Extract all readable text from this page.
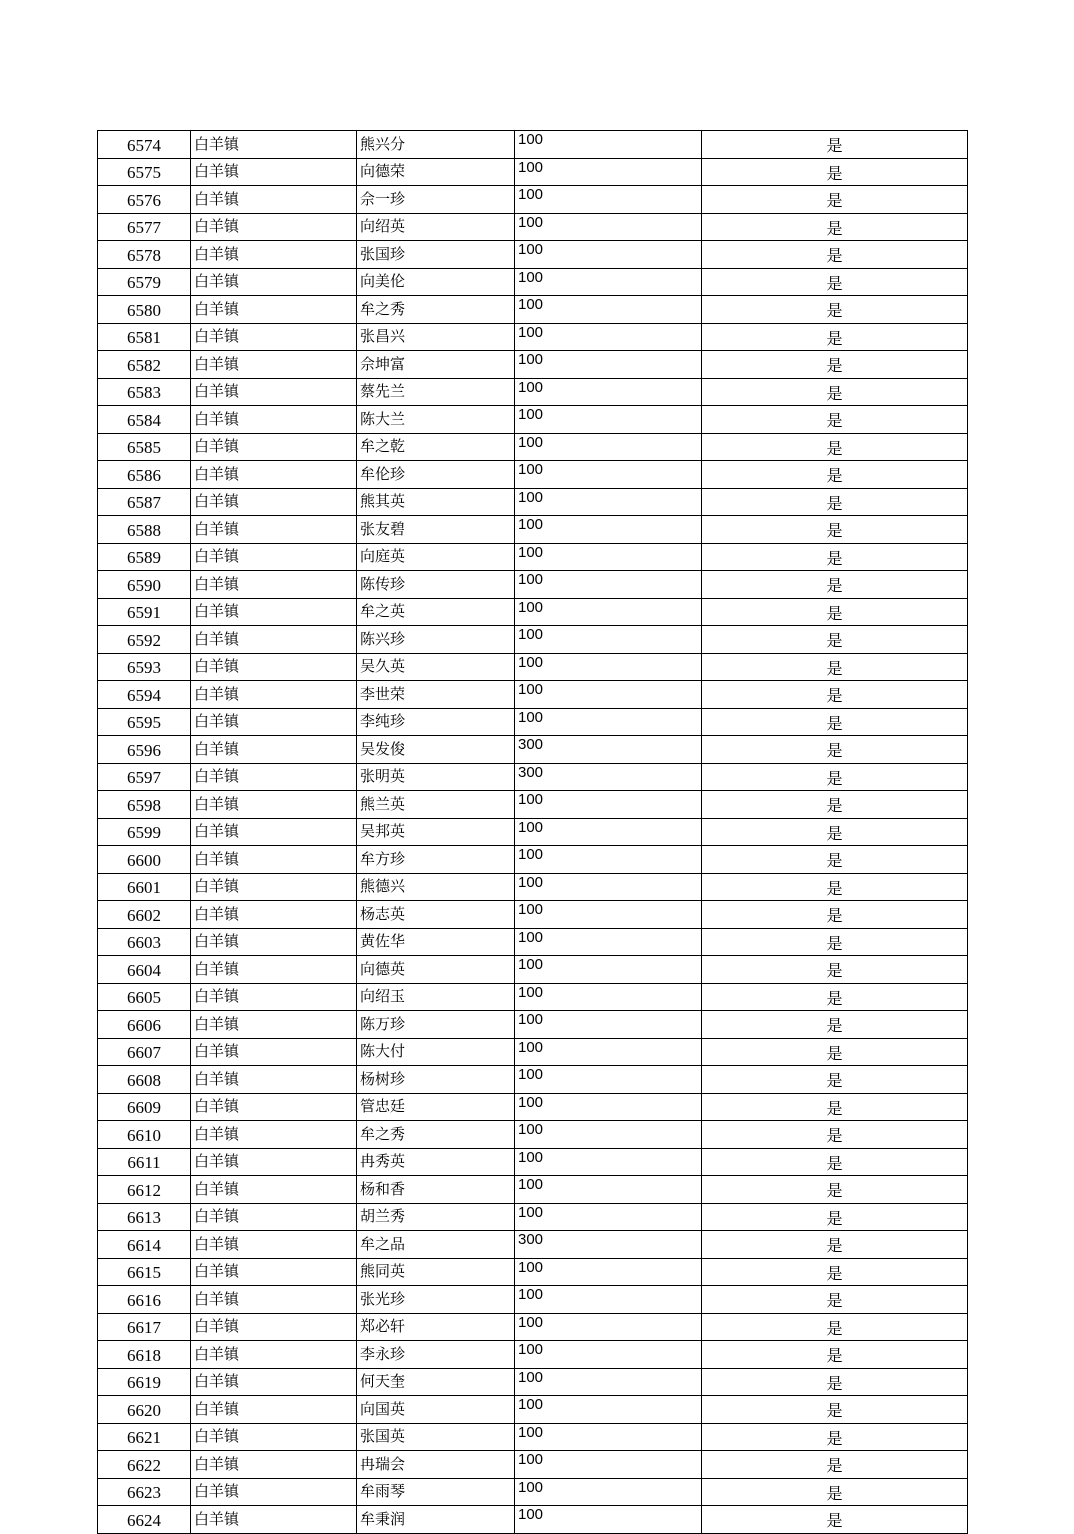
6574	白羊镇	熊兴分	100	是
6575	白羊镇	向德荣	100	是
6576	白羊镇	佘一珍	100	是
6577	白羊镇	向绍英	100	是
6578	白羊镇	张国珍	100	是
6579	白羊镇	向美伦	100	是
6580	白羊镇	牟之秀	100	是
6581	白羊镇	张昌兴	100	是
6582	白羊镇	佘坤富	100	是
6583	白羊镇	蔡先兰	100	是
6584	白羊镇	陈大兰	100	是
6585	白羊镇	牟之乾	100	是
6586	白羊镇	牟伦珍	100	是
6587	白羊镇	熊其英	100	是
6588	白羊镇	张友碧	100	是
6589	白羊镇	向庭英	100	是
6590	白羊镇	陈传珍	100	是
6591	白羊镇	牟之英	100	是
6592	白羊镇	陈兴珍	100	是
6593	白羊镇	吴久英	100	是
6594	白羊镇	李世荣	100	是
6595	白羊镇	李纯珍	100	是
6596	白羊镇	吴发俊	300	是
6597	白羊镇	张明英	300	是
6598	白羊镇	熊兰英	100	是
6599	白羊镇	吴邦英	100	是
6600	白羊镇	牟方珍	100	是
6601	白羊镇	熊德兴	100	是
6602	白羊镇	杨志英	100	是
6603	白羊镇	黄佐华	100	是
6604	白羊镇	向德英	100	是
6605	白羊镇	向绍玉	100	是
6606	白羊镇	陈万珍	100	是
6607	白羊镇	陈大付	100	是
6608	白羊镇	杨树珍	100	是
6609	白羊镇	管忠廷	100	是
6610	白羊镇	牟之秀	100	是
6611	白羊镇	冉秀英	100	是
6612	白羊镇	杨和香	100	是
6613	白羊镇	胡兰秀	100	是
6614	白羊镇	牟之品	300	是
6615	白羊镇	熊同英	100	是
6616	白羊镇	张光珍	100	是
6617	白羊镇	郑必轩	100	是
6618	白羊镇	李永珍	100	是
6619	白羊镇	何天奎	100	是
6620	白羊镇	向国英	100	是
6621	白羊镇	张国英	100	是
6622	白羊镇	冉瑞会	100	是
6623	白羊镇	牟雨琴	100	是
6624	白羊镇	牟秉润	100	是
